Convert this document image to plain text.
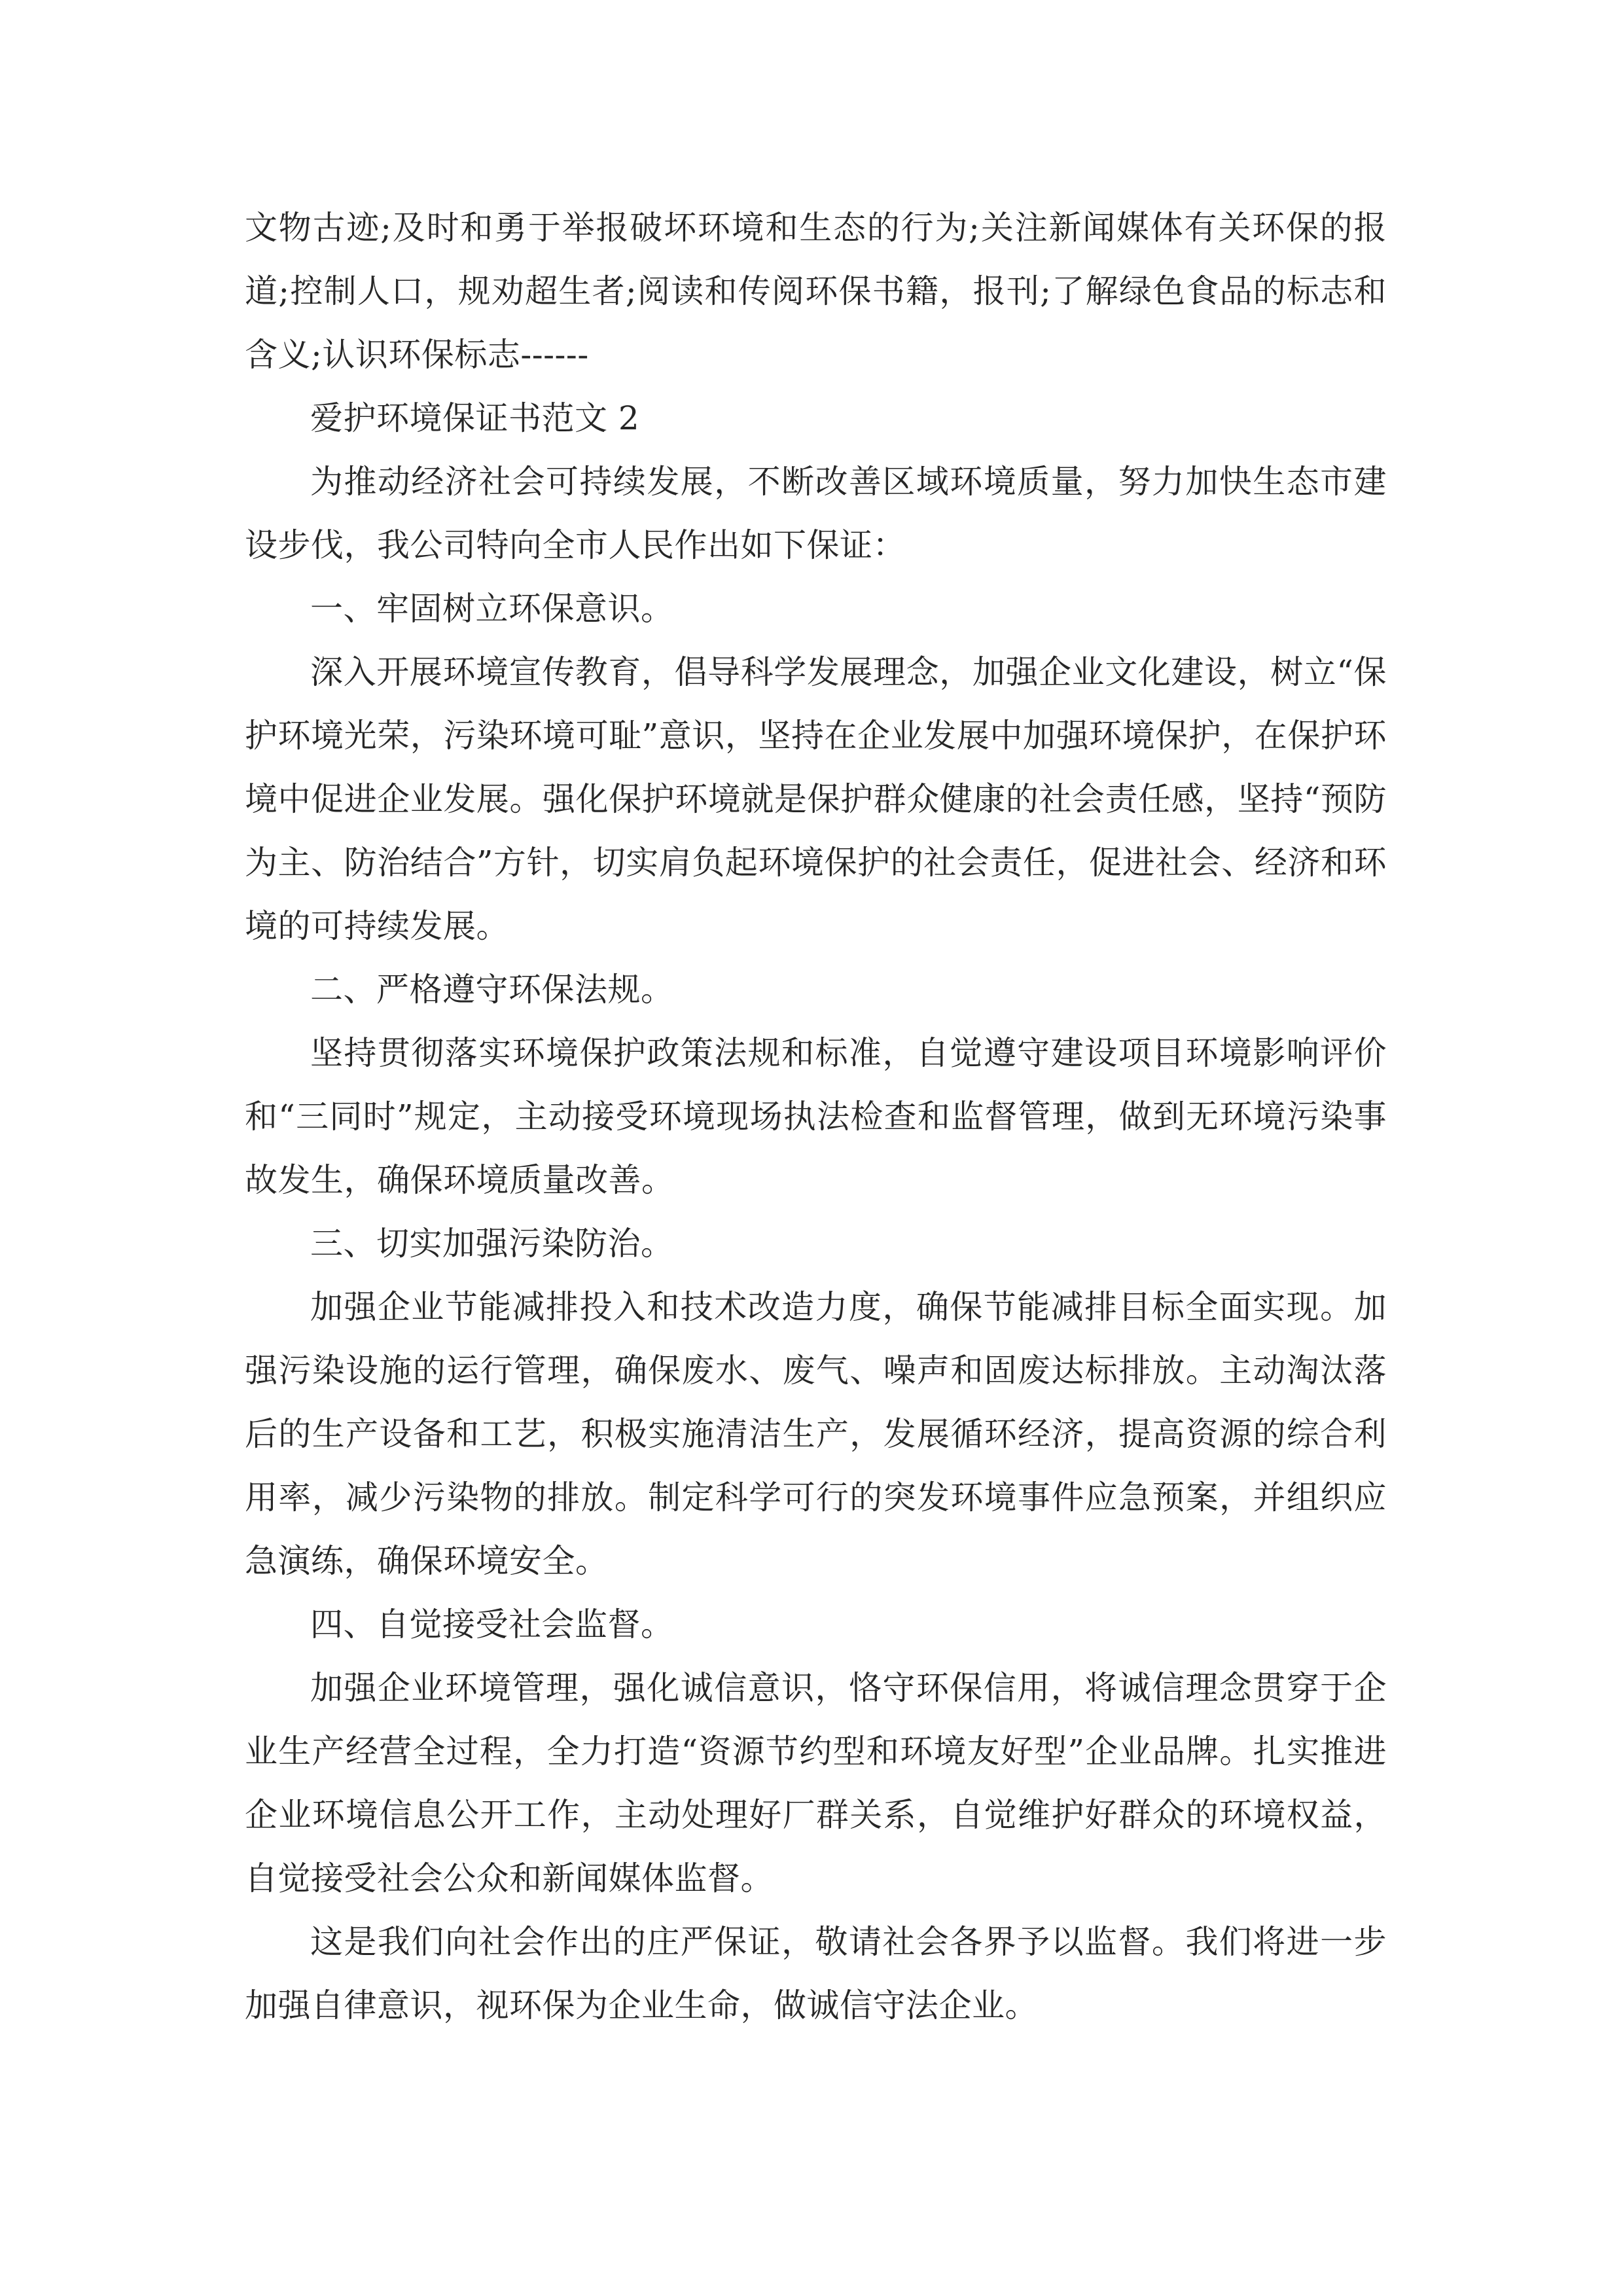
文物古迹;及时和勇于举报破坏环境和生态的行为;关注新闻媒体有关环保的报道;控制人口，规劝超生者;阅读和传阅环保书籍，报刊;了解绿色食品的标志和含义;认识环保标志------

爱护环境保证书范文 2

为推动经济社会可持续发展，不断改善区域环境质量，努力加快生态市建设步伐，我公司特向全市人民作出如下保证：

一、牢固树立环保意识。

深入开展环境宣传教育，倡导科学发展理念，加强企业文化建设，树立“保护环境光荣，污染环境可耻”意识，坚持在企业发展中加强环境保护，在保护环境中促进企业发展。强化保护环境就是保护群众健康的社会责任感，坚持“预防为主、防治结合”方针，切实肩负起环境保护的社会责任，促进社会、经济和环境的可持续发展。

二、严格遵守环保法规。

坚持贯彻落实环境保护政策法规和标准，自觉遵守建设项目环境影响评价和“三同时”规定，主动接受环境现场执法检查和监督管理，做到无环境污染事故发生，确保环境质量改善。

三、切实加强污染防治。

加强企业节能减排投入和技术改造力度，确保节能减排目标全面实现。加强污染设施的运行管理，确保废水、废气、噪声和固废达标排放。主动淘汰落后的生产设备和工艺，积极实施清洁生产，发展循环经济，提高资源的综合利用率，减少污染物的排放。制定科学可行的突发环境事件应急预案，并组织应急演练，确保环境安全。

四、自觉接受社会监督。

加强企业环境管理，强化诚信意识，恪守环保信用，将诚信理念贯穿于企业生产经营全过程，全力打造“资源节约型和环境友好型”企业品牌。扎实推进企业环境信息公开工作，主动处理好厂群关系，自觉维护好群众的环境权益，自觉接受社会公众和新闻媒体监督。

这是我们向社会作出的庄严保证，敬请社会各界予以监督。我们将进一步加强自律意识，视环保为企业生命，做诚信守法企业。
